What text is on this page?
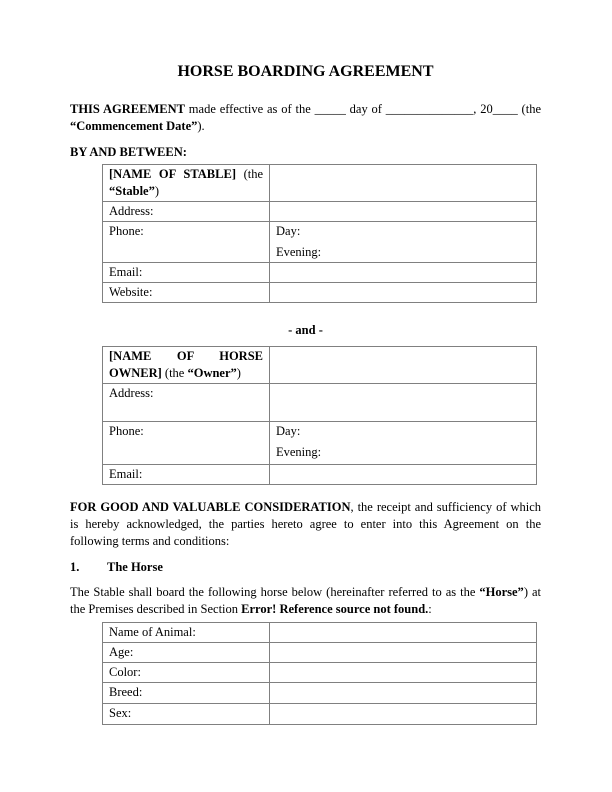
HORSE BOARDING AGREEMENT

THIS AGREEMENT made effective as of the _____ day of ______________, 20____ (the “Commencement Date”).

BY AND BETWEEN:

[NAME OF STABLE] (the “Stable”)	
Address:	
Phone:	Day:
Evening:

Email:	
Website:	

- and -

[NAME OF HORSE OWNER] (the “Owner”)	
Address:	
Phone:	Day:
Evening:

Email:	

FOR GOOD AND VALUABLE CONSIDERATION, the receipt and sufficiency of which is hereby acknowledged, the parties hereto agree to enter into this Agreement on the following terms and conditions:

1. The Horse

The Stable shall board the following horse below (hereinafter referred to as the “Horse”) at the Premises described in Section Error! Reference source not found.:

Name of Animal:	
Age:	
Color:	
Breed:	
Sex:	
